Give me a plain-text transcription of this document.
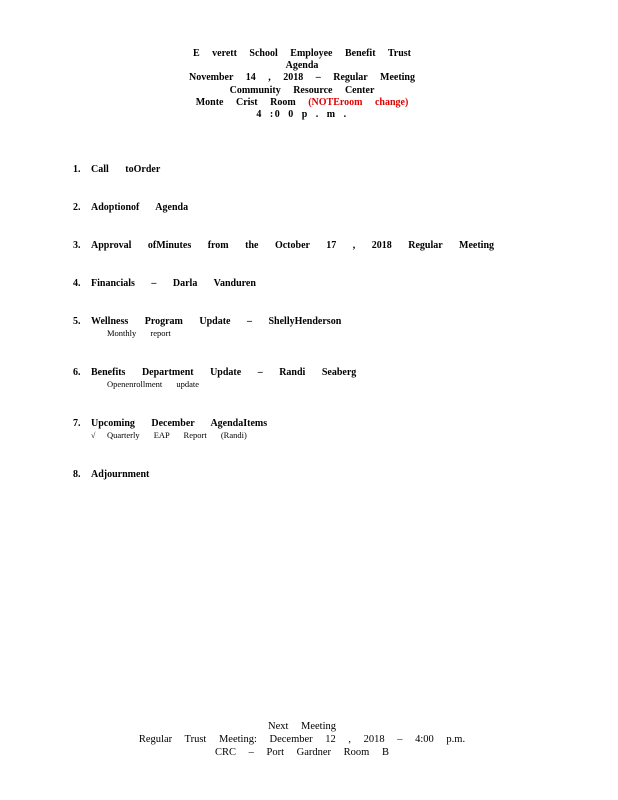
E verett School Employee Benefit Trust
Agenda
November 14 , 2018 – Regular Meeting
Community Resource Center
Monte Crist Room (NOTEroom change)
4 :0 0 p . m .
1. Call toOrder
2. Adoptionof Agenda
3. Approval ofMinutes from the October 17 , 2018 Regular Meeting
4. Financials – Darla Vanduren
5. Wellness Program Update – ShellyHenderson
Monthly report
6. Benefits Department Update – Randi Seaberg
Openenrollment update
7. Upcoming December AgendaItems
√ Quarterly EAP Report (Randi)
8. Adjournment
Next Meeting
Regular Trust Meeting: December 12 , 2018 – 4:00 p.m.
CRC – Port Gardner Room B
